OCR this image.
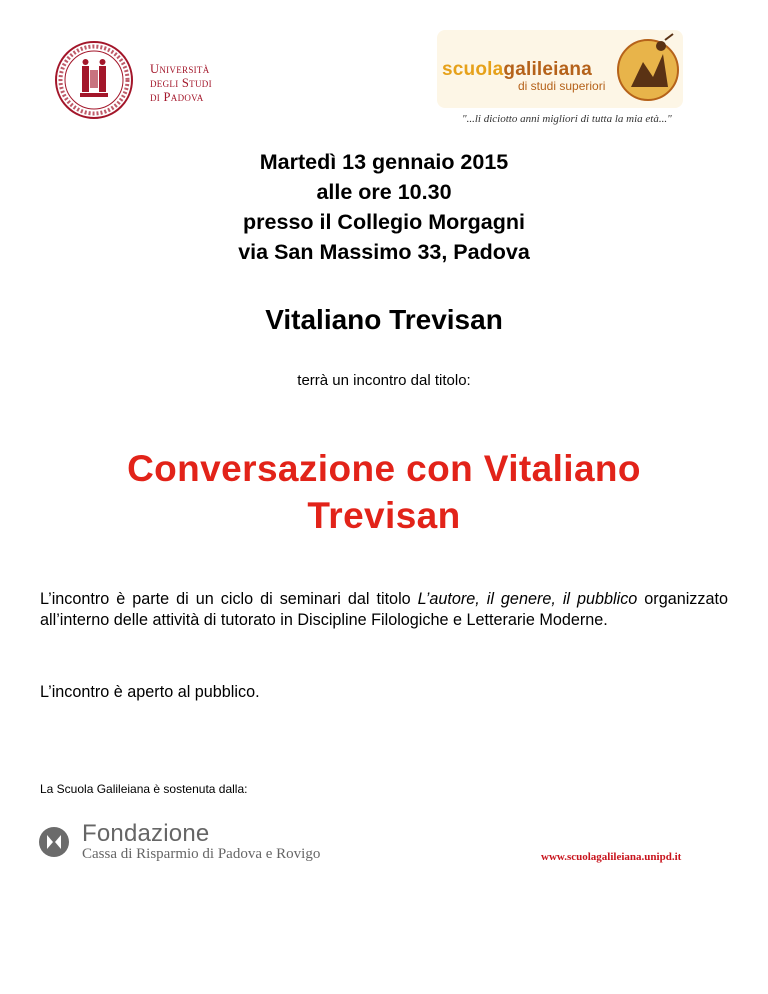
Università
degli Studi
di Padova
scuolagalileiana
di studi superiori
"...li diciotto anni migliori di tutta la mia età..."
Martedì 13 gennaio 2015
alle ore 10.30
presso il Collegio Morgagni
via San Massimo 33, Padova
Vitaliano Trevisan
terrà un incontro dal titolo:
Conversazione con Vitaliano
Trevisan
L’incontro è parte di un ciclo di seminari dal titolo L’autore, il genere, il pubblico organizzato all’interno delle attività di tutorato in Discipline Filologiche e Letterarie Moderne.
L’incontro è aperto al pubblico.
La Scuola Galileiana è sostenuta dalla:
Fondazione
Cassa di Risparmio di Padova e Rovigo	www.scuolagalileiana.unipd.it
